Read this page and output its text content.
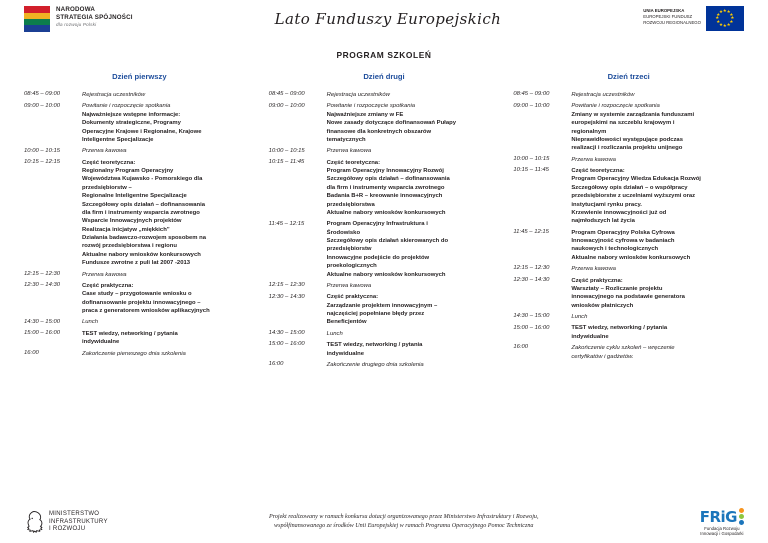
NARODOWA
STRATEGIA SPÓJNOŚCI
dla rozwoju Polski	Lato Funduszy Europejskich	UNIA EUROPEJSKA
EUROPEJSKI FUNDUSZ
ROZWOJU REGIONALNEGO
★ ★
★
★
★
★
★
★
★
★
★
★
PROGRAM SZKOLEŃ
Dzień pierwszy
08:45 – 09:00	Rejestracja uczestników

09:00 – 10:00	Powitanie i rozpoczęcie spotkania

Najważniejsze wstępne informacje:

Dokumenty strategiczne, Programy

Operacyjne Krajowe i Regionalne, Krajowe

Inteligentne Specjalizacje

10:00 – 10:15	Przerwa kawowa

10:15 – 12:15	Część teoretyczna:

Regionalny Program Operacyjny

Województwa Kujawsko - Pomorskiego dla

przedsiębiorstw –

Regionalne Inteligentne Specjalizacje

Szczegółowy opis działań – dofinansowania

dla firm i instrumenty wsparcia zwrotnego

Wsparcie Innowacyjnych projektów

Realizacja inicjatyw „miękkich”

Działania badawczo-rozwojem sposobem na

rozwój przedsiębiorstwa i regionu

Aktualne nabory wniosków konkursowych

Fundusze zwrotne z puli lat 2007 -2013

12:15 – 12:30	Przerwa kawowa

12:30 – 14:30	Część praktyczna:

Case study – przygotowanie wniosku o

dofinansowanie projektu innowacyjnego –

praca z generatorem wniosków aplikacyjnych

14:30 – 15:00	Lunch

15:00 – 16:00	TEST wiedzy, networking / pytania

indywidualne

16:00	Zakończenie pierwszego dnia szkolenia

Dzień drugi
08:45 – 09:00	Rejestracja uczestników

09:00 – 10:00	Powitanie i rozpoczęcie spotkania

Najważniejsze zmiany w FE

Nowe zasady dotyczące dofinansowań Pułapy

finansowe dla konkretnych obszarów

tematycznych

10:00 – 10:15	Przerwa kawowa

10:15 – 11:45	Część teoretyczna:

Program Operacyjny Innowacyjny Rozwój

Szczegółowy opis działań – dofinansowania

dla firm i instrumenty wsparcia zwrotnego

Badania B+R – kreowanie innowacyjnych

przedsiębiorstwa

Aktualne nabory wniosków konkursowych

11:45 – 12:15	Program Operacyjny Infrastruktura i

Środowisko

Szczegółowy opis działań skierowanych do

przedsiębiorstw

Innowacyjne podejście do projektów

proekologicznych

Aktualne nabory wniosków konkursowych

12:15 – 12:30	Przerwa kawowa

12:30 – 14:30	Część praktyczna:

Zarządzanie projektem innowacyjnym –

najczęściej popełniane błędy przez

Beneficjentów

14:30 – 15:00	Lunch

15:00 – 16:00	TEST wiedzy, networking / pytania

indywidualne

16:00	Zakończenie drugiego dnia szkolenia

Dzień trzeci
08:45 – 09:00	Rejestracja uczestników

09:00 – 10:00	Powitanie i rozpoczęcie spotkania

Zmiany w systemie zarządzania funduszami

europejskimi na szczeblu krajowym i

regionalnym

Nieprawidłowości występujące podczas

realizacji i rozliczania projektu unijnego

10:00 – 10:15	Przerwa kawowa

10:15 – 11:45	Część teoretyczna:

Program Operacyjny Wiedza Edukacja Rozwój

Szczegółowy opis działań – o współpracy

przedsiębiorstw z uczelniami wyższymi oraz

instytucjami rynku pracy.

Krzewienie innowacyjności już od

najmłodszych lat życia

11:45 – 12:15	Program Operacyjny Polska Cyfrowa

Innowacyjność cyfrowa w badaniach

naukowych i technologicznych

Aktualne nabory wniosków konkursowych

12:15 – 12:30	Przerwa kawowa

12:30 – 14:30	Część praktyczna:

Warsztaty – Rozliczanie projektu

innowacyjnego na podstawie generatora

wniosków płatniczych

14:30 – 15:00	Lunch

15:00 – 16:00	TEST wiedzy, networking / pytania

indywidualne

16:00	Zakończenie cyklu szkoleń – wręczenie

certyfikatów i gadżetów.

MINISTERSTWO
INFRASTRUKTURY
I ROZWOJU
Projekt realizowany w ramach konkursu dotacji organizowanego przez Ministerstwo Infrastruktury i Rozwoju,
współfinansowanego ze środków Unii Europejskiej w ramach Programu Operacyjnego Pomoc Techniczna
FRiG
Fundacja Rozwoju
Innowacji i Gospodarki
